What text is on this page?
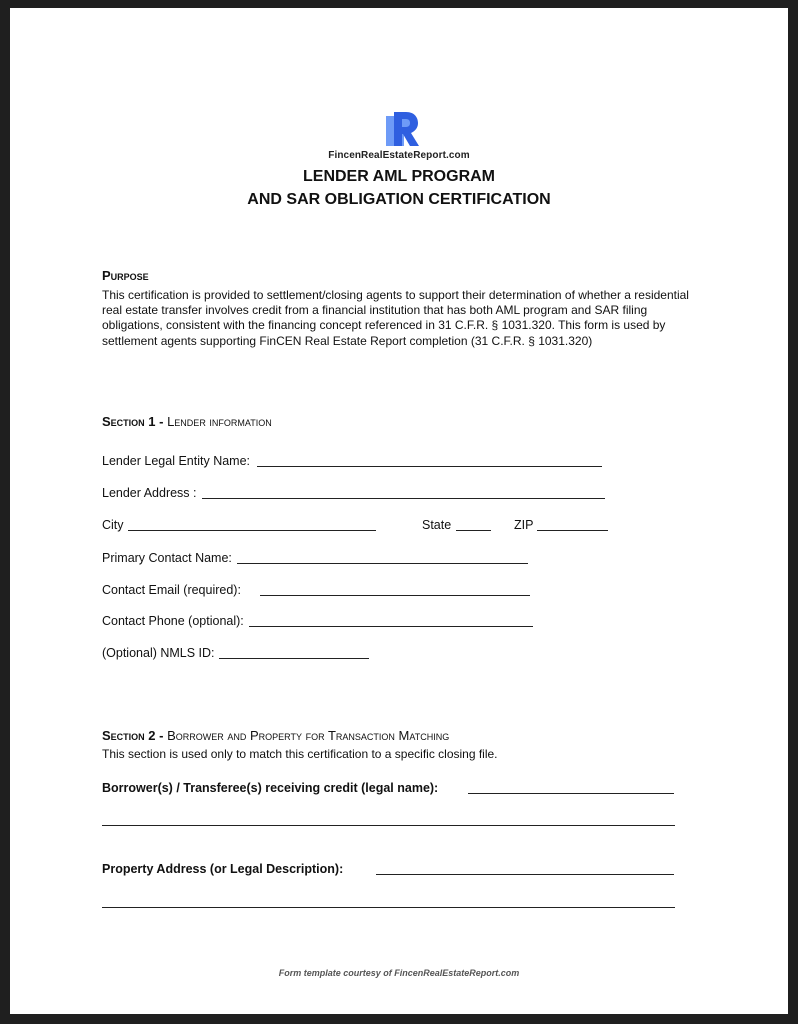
FincenRealEstateReport.com
LENDER AML PROGRAM
AND SAR OBLIGATION CERTIFICATION
Purpose
This certification is provided to settlement/closing agents to support their determination of whether a residential real estate transfer involves credit from a financial institution that has both AML program and SAR filing obligations, consistent with the financing concept referenced in 31 C.F.R. § 1031.320. This form is used by settlement agents supporting FinCEN Real Estate Report completion (31 C.F.R. § 1031.320)
Section 1 - Lender information
Lender Legal Entity Name:
Lender Address :
City	State	ZIP
Primary Contact Name:
Contact Email (required):
Contact Phone (optional):
(Optional) NMLS ID:
Section 2 - Borrower and Property for Transaction Matching
This section is used only to match this certification to a specific closing file.
Borrower(s) / Transferee(s) receiving credit (legal name):
Property Address (or Legal Description):
Form template courtesy of FincenRealEstateReport.com
